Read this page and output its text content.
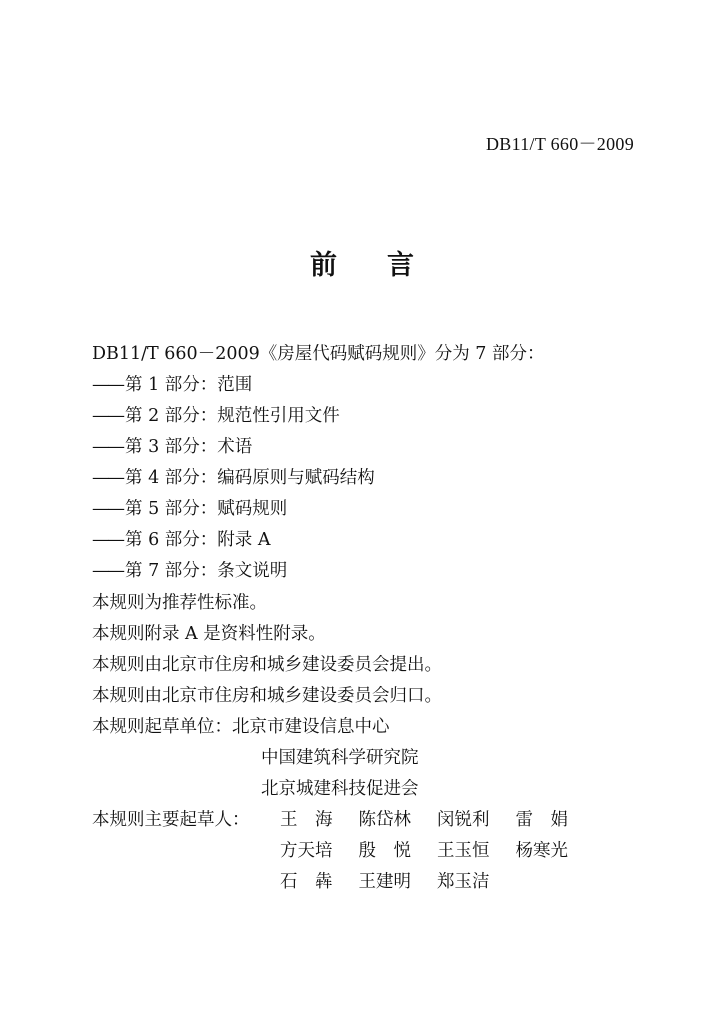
DB11/T 660－2009
前言
DB11/T 660－2009《房屋代码赋码规则》分为 7 部分：
—— 第 1 部分：范围
—— 第 2 部分：规范性引用文件
—— 第 3 部分：术语
—— 第 4 部分：编码原则与赋码结构
—— 第 5 部分：赋码规则
—— 第 6 部分：附录 A
—— 第 7 部分：条文说明
本规则为推荐性标准。
本规则附录 A 是资料性附录。
本规则由北京市住房和城乡建设委员会提出。
本规则由北京市住房和城乡建设委员会归口。
本规则起草单位：北京市建设信息中心
中国建筑科学研究院
北京城建科技促进会
本规则主要起草人： 王　海 陈岱林 闵锐利 雷　娟
方天培 殷　悦 王玉恒 杨寒光
石　犇 王建明 郑玉洁
